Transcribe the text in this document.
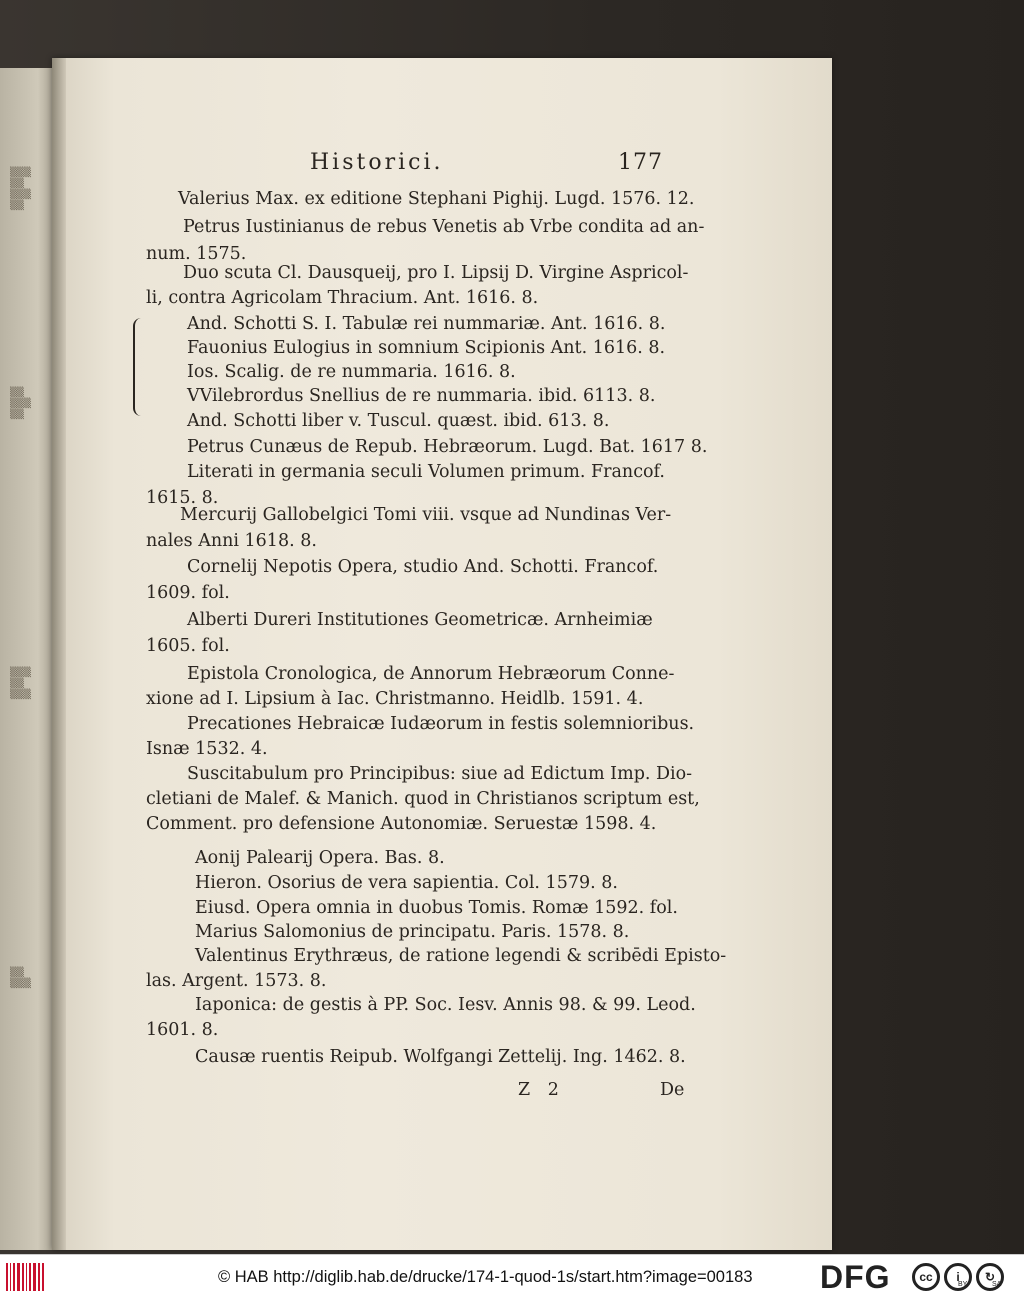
▒▒▒
▒▒
▒▒▒
▒▒
▒▒
▒▒▒
▒▒
▒▒▒
▒▒
▒▒▒
▒▒
▒▒▒
Historici.	177
Valerius Max. ex editione Stephani Pighij. Lugd. 1576. 12.
Petrus Iustinianus de rebus Venetis ab Vrbe condita ad an-
num. 1575.
Duo scuta Cl. Dausqueij, pro I. Lipsij D. Virgine Aspricol-
li, contra Agricolam Thracium. Ant. 1616. 8.
And. Schotti S. I. Tabulæ rei nummariæ. Ant. 1616. 8.
Fauonius Eulogius in somnium Scipionis Ant. 1616. 8.
Ios. Scalig. de re nummaria. 1616. 8.
VVilebrordus Snellius de re nummaria. ibid. 6113. 8.
And. Schotti liber v. Tuscul. quæst. ibid. 613. 8.
Petrus Cunæus de Repub. Hebræorum. Lugd. Bat. 1617 8.
Literati in germania seculi Volumen primum. Francof.
1615. 8.
Mercurij Gallobelgici Tomi viii. vsque ad Nundinas Ver-
nales Anni 1618. 8.
Cornelij Nepotis Opera, studio And. Schotti. Francof.
1609. fol.
Alberti Dureri Institutiones Geometricæ. Arnheimiæ
1605. fol.
Epistola Cronologica, de Annorum Hebræorum Conne-
xione ad I. Lipsium à Iac. Christmanno. Heidlb. 1591. 4.
Precationes Hebraicæ Iudæorum in festis solemnioribus.
Isnæ 1532. 4.
Suscitabulum pro Principibus: siue ad Edictum Imp. Dio-
cletiani de Malef. & Manich. quod in Christianos scriptum est,
Comment. pro defensione Autonomiæ. Seruestæ 1598. 4.
Aonij Palearij Opera. Bas. 8.
Hieron. Osorius de vera sapientia. Col. 1579. 8.
Eiusd. Opera omnia in duobus Tomis. Romæ 1592. fol.
Marius Salomonius de principatu. Paris. 1578. 8.
Valentinus Erythræus, de ratione legendi & scribēdi Episto-
las. Argent. 1573. 8.
Iaponica: de gestis à PP. Soc. Iesv. Annis 98. & 99. Leod.
1601. 8.
Causæ ruentis Reipub. Wolfgangi Zettelij. Ing. 1462. 8.
Z 2	De
© HAB http://diglib.hab.de/drucke/174-1-quod-1s/start.htm?image=00183 DFG	cc	i	↻
BY	SA
